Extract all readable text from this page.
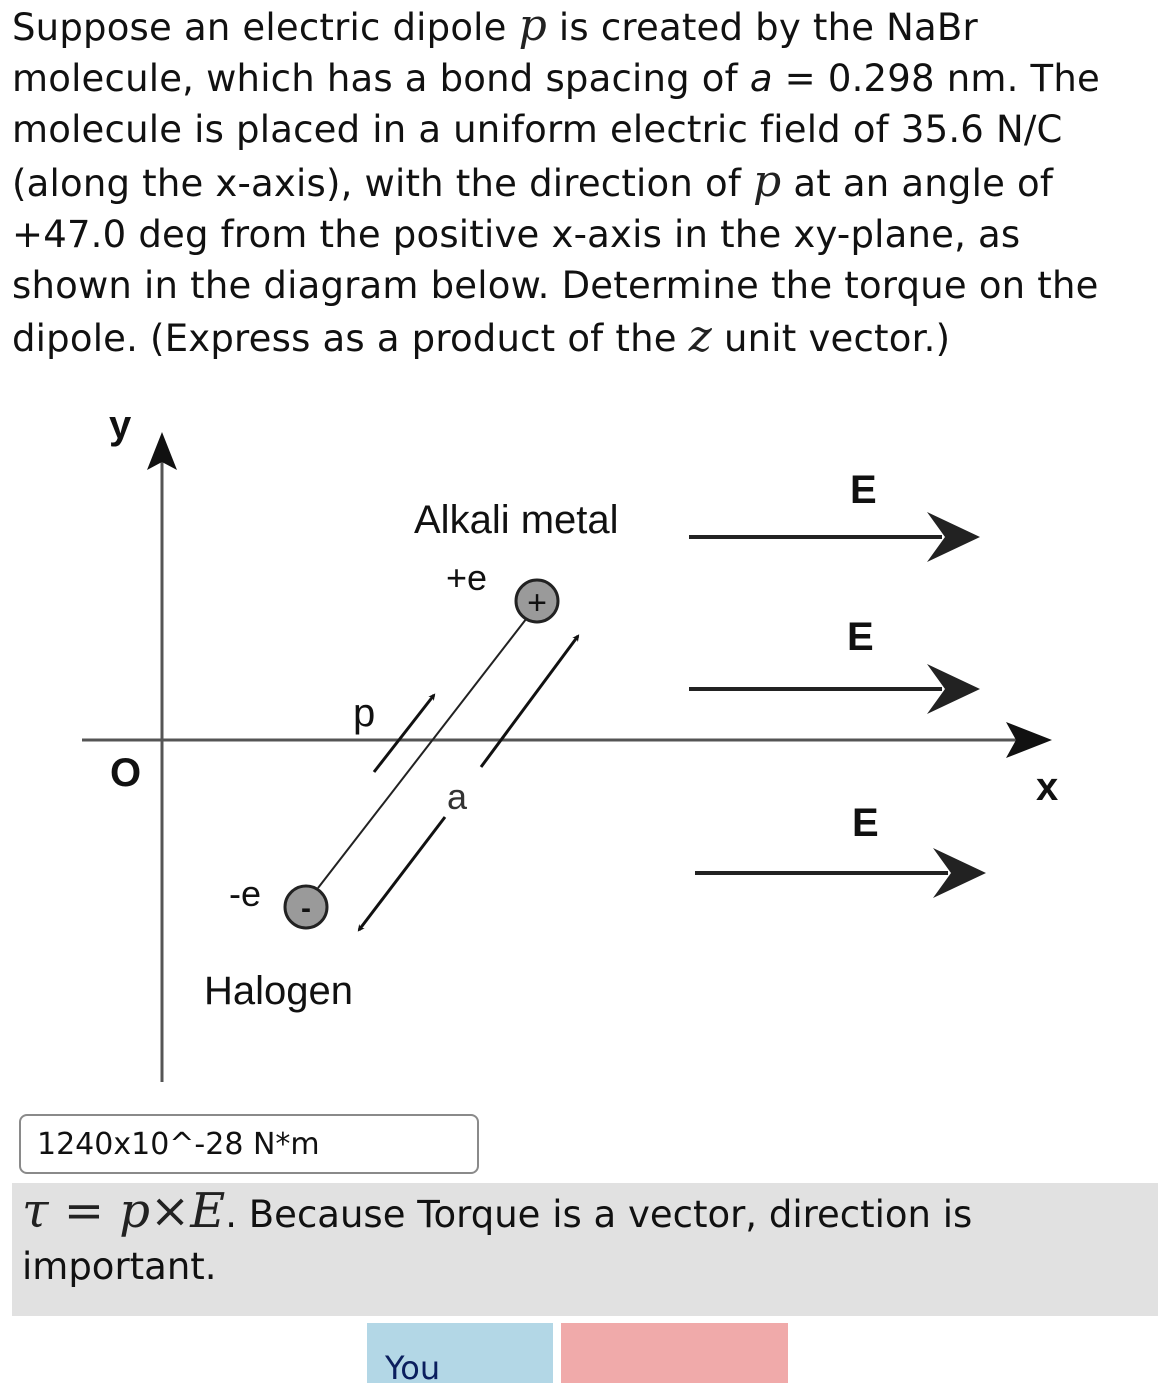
Suppose an electric dipole p is created by the NaBr
molecule, which has a bond spacing of a = 0.298 nm. The
molecule is placed in a uniform electric field of 35.6 N/C
(along the x-axis), with the direction of p at an angle of
+47.0 deg from the positive x-axis in the xy-plane, as
shown in the diagram below. Determine the torque on the
dipole. (Express as a product of the z unit vector.)
y
x
O
+
-
p
a
Alkali metal
+e
-e
Halogen
E
E
E
1240x10^-28 N*m
τ = p×E. Because Torque is a vector, direction is
important.
You
